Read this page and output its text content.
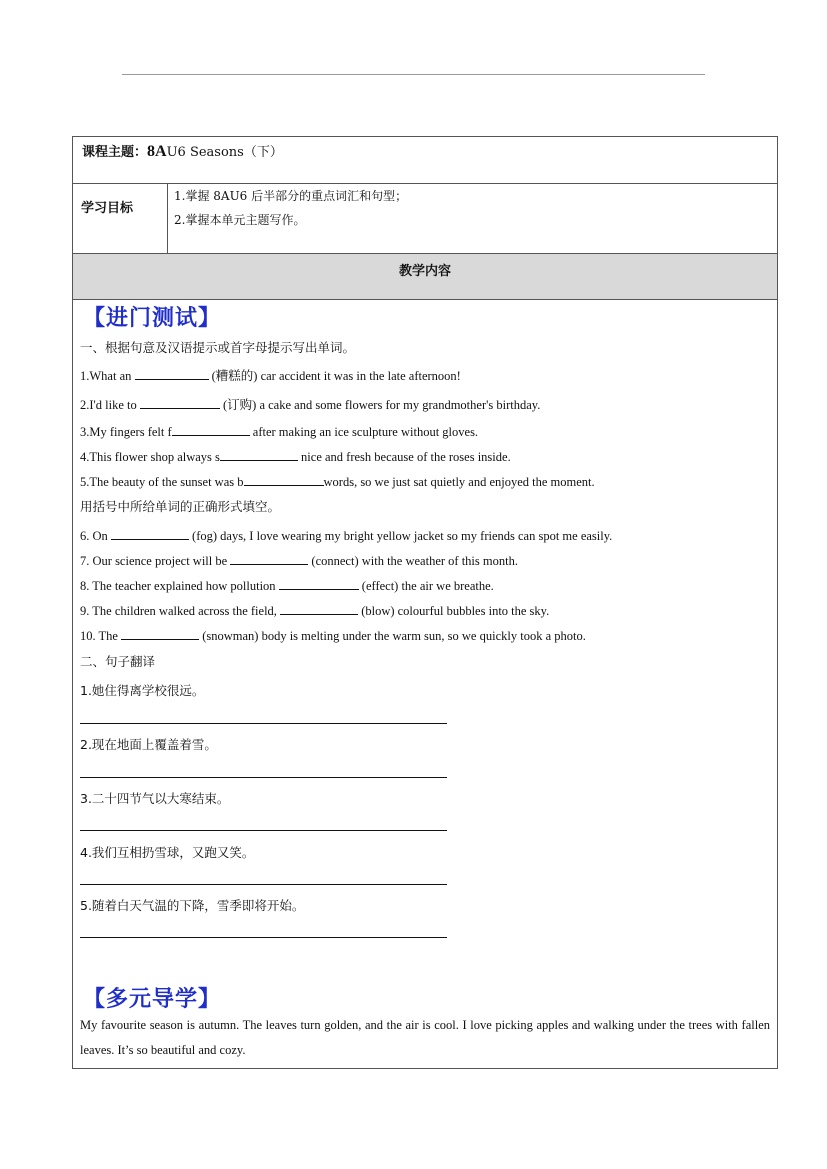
课程主题：8AU6 Seasons（下）
学习目标	
1.掌握 8AU6 后半部分的重点词汇和句型；
2.掌握本单元主题写作。

教学内容

【进门测试】
一、根据句意及汉语提示或首字母提示写出单词。
1.What an	(糟糕的) car accident it was in the late afternoon!
2.I'd like to	(订购) a cake and some flowers for my grandmother's birthday.
3.My fingers felt f	after making an ice sculpture without gloves.
4.This flower shop always s	nice and fresh because of the roses inside.
5.The beauty of the sunset was b	words, so we just sat quietly and enjoyed the moment.
用括号中所给单词的正确形式填空。
6. On	(fog) days, I love wearing my bright yellow jacket so my friends can spot me easily.
7. Our science project will be	(connect) with the weather of this month.
8. The teacher explained how pollution	(effect) the air we breathe.
9. The children walked across the field,	(blow) colourful bubbles into the sky.
10. The	(snowman) body is melting under the warm sun, so we quickly took a photo.
二、句子翻译
1.她住得离学校很远。
2.现在地面上覆盖着雪。
3.二十四节气以大寒结束。
4.我们互相扔雪球，又跑又笑。
5.随着白天气温的下降，雪季即将开始。
【多元导学】
My favourite season is autumn. The leaves turn golden, and the air is cool. I love picking apples and walking under the trees with fallen leaves. It’s so beautiful and cozy.
